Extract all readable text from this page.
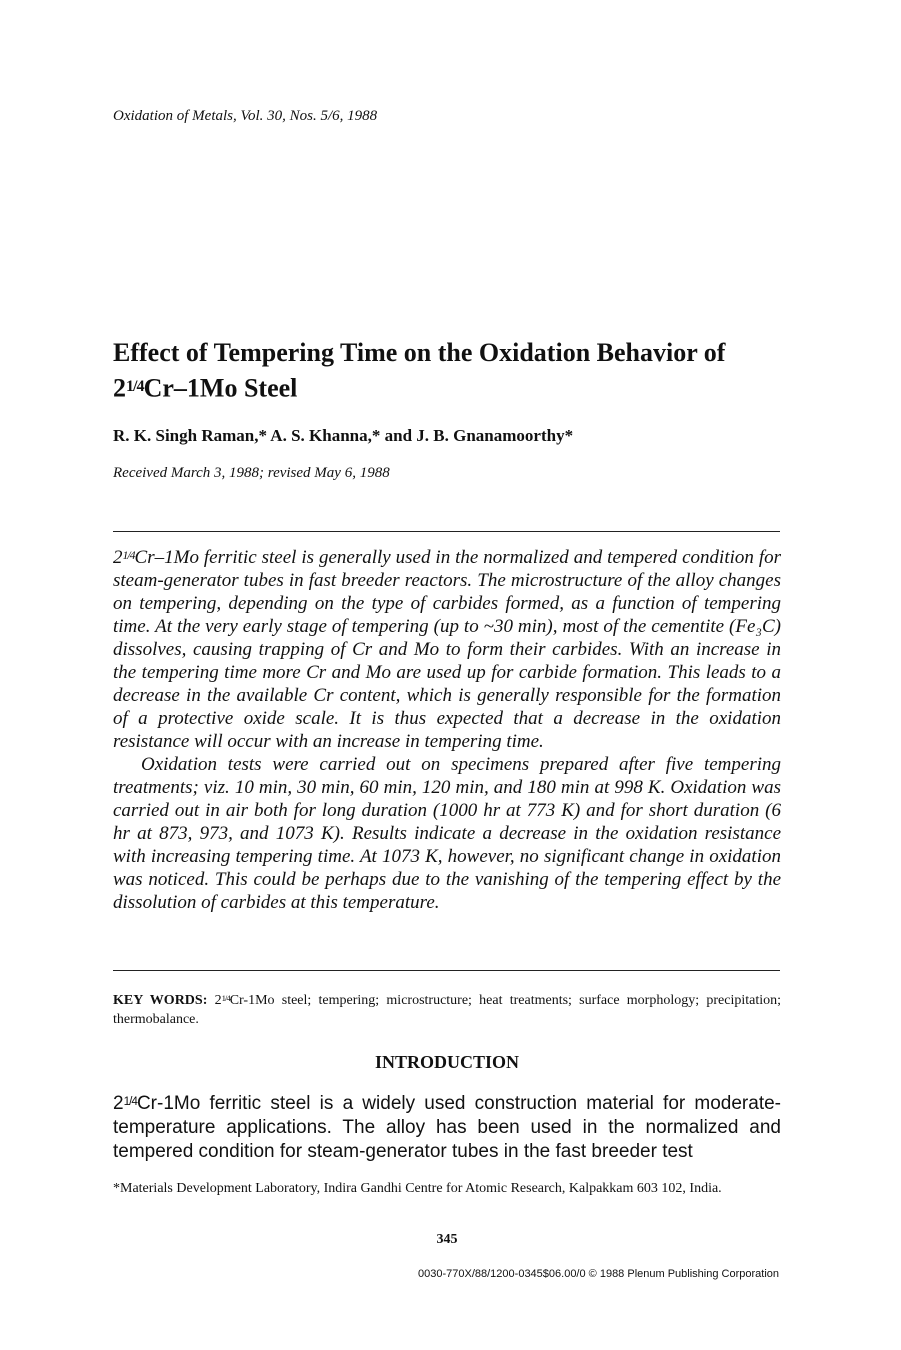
Oxidation of Metals, Vol. 30, Nos. 5/6, 1988
Effect of Tempering Time on the Oxidation Behavior of $2^{1/4}Cr-1Mo$ Steel
R. K. Singh Raman,* A. S. Khanna,* and J. B. Gnanamoorthy*
Received March 3, 1988; revised May 6, 1988

$2^{1/4}Cr-1Mo$ ferritic steel is generally used in the normalized and tempered condition for steam-generator tubes in fast breeder reactors. The microstructure of the alloy changes on tempering, depending on the type of carbides formed, as a function of tempering time. At the very early stage of tempering (up to ~30 min), most of the cementite (Fe₃C) dissolves, causing trapping of Cr and Mo to form their carbides. With an increase in the tempering time more Cr and Mo are used up for carbide formation. This leads to a decrease in the available Cr content, which is generally responsible for the formation of a protective oxide scale. It is thus expected that a decrease in the oxidation resistance will occur with an increase in tempering time.

Oxidation tests were carried out on specimens prepared after five tempering treatments; viz. 10 min, 30 min, 60 min, 120 min, and 180 min at 998 K. Oxidation was carried out in air both for long duration (1000 hr at 773 K) and for short duration (6 hr at 873, 973, and 1073 K). Results indicate a decrease in the oxidation resistance with increasing tempering time. At 1073 K, however, no significant change in oxidation was noticed. This could be perhaps due to the vanishing of the tempering effect by the dissolution of carbides at this temperature.

KEY WORDS: $2^{1/4}Cr-1Mo$ steel; tempering; microstructure; heat treatments; surface morphology; precipitation; thermobalance.
INTRODUCTION

$2^{1/4}Cr-1Mo$ ferritic steel is a widely used construction material for moderate-temperature applications. The alloy has been used in the normalized and tempered condition for steam-generator tubes in the fast breeder test

*Materials Development Laboratory, Indira Gandhi Centre for Atomic Research, Kalpakkam 603 102, India.
345
0030-770X/88/1200-0345$06.00/0 © 1988 Plenum Publishing Corporation
